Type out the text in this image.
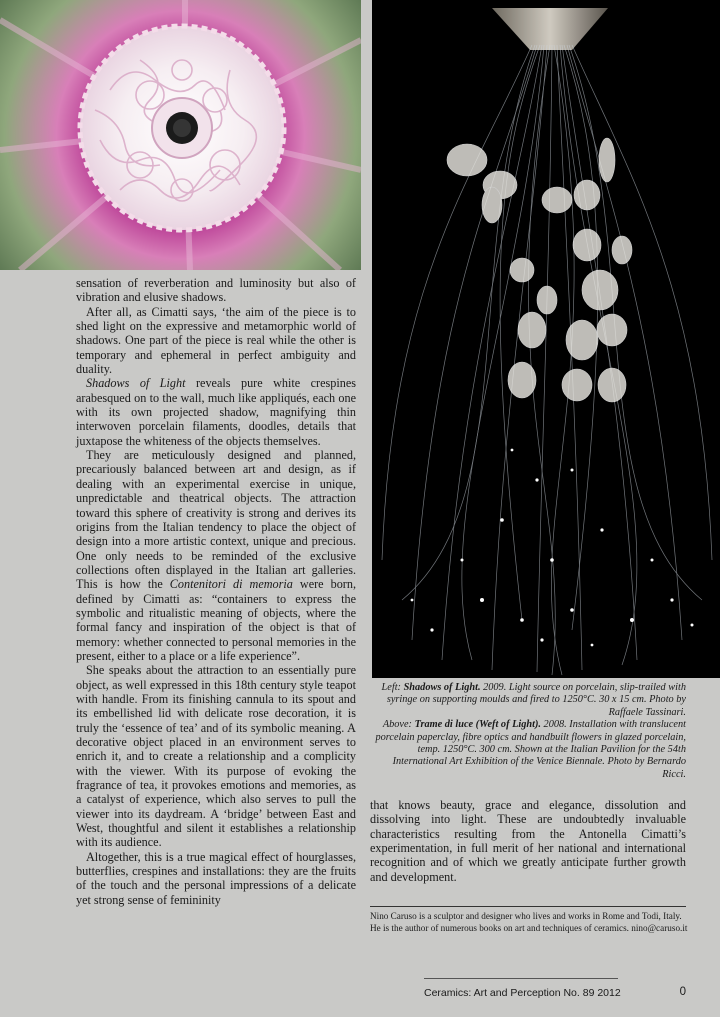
sensation of reverberation and luminosity but also of vibration and elusive shadows.

After all, as Cimatti says, ‘the aim of the piece is to shed light on the expressive and metamorphic world of shadows. One part of the piece is real while the other is temporary and ephemeral in perfect ambiguity and duality.

Shadows of Light reveals pure white crespines arabesqued on to the wall, much like appliqués, each one with its own projected shadow, magnifying thin interwoven porcelain filaments, doodles, details that juxtapose the whiteness of the objects themselves.

They are meticulously designed and planned, precariously balanced between art and design, as if dealing with an experimental exercise in unique, unpredictable and theatrical objects. The attraction toward this sphere of creativity is strong and derives its origins from the Italian tendency to place the object of design into a more artistic context, unique and precious. One only needs to be reminded of the exclusive collections often displayed in the Italian art galleries. This is how the Contenitori di memoria were born, defined by Cimatti as: “containers to express the symbolic and ritualistic meaning of objects, where the formal fancy and inspiration of the object is that of memory: whether connected to personal memories in the present, either to a place or a life experience”.

She speaks about the attraction to an essentially pure object, as well expressed in this 18th century style teapot with handle. From its finishing cannula to its spout and its embellished lid with delicate rose decoration, it is truly the ‘essence of tea’ and of its symbolic meaning. A decorative object placed in an environment serves to enrich it, and to create a relationship and a complicity with the viewer. With its purpose of evoking the fragrance of tea, it provokes emotions and memories, as a catalyst of experience, which also serves to pull the viewer into its daydream. A ‘bridge’ between East and West, thoughtful and silent it establishes a relationship with its audience.

Altogether, this is a true magical effect of hourglasses, butterflies, crespines and installations: they are the fruits of the touch and the personal impressions of a delicate yet strong sense of femininity

Left: Shadows of Light. 2009. Light source on porcelain, slip-trailed with syringe on supporting moulds and fired to 1250°C. 30 x 15 cm. Photo by Raffaele Tassinari.

Above: Trame di luce (Weft of Light). 2008. Installation with translucent porcelain paperclay, fibre optics and handbuilt flowers in glazed porcelain, temp. 1250°C. 300 cm. Shown at the Italian Pavilion for the 54th International Art Exhibition of the Venice Biennale. Photo by Bernardo Ricci.

that knows beauty, grace and elegance, dissolution and dissolving into light. These are undoubtedly invaluable characteristics resulting from the Antonella Cimatti’s experimentation, in full merit of her national and international recognition and of which we greatly anticipate further growth and development.

Nino Caruso is a sculptor and designer who lives and works in Rome and Todi, Italy. He is the author of numerous books on art and techniques of ceramics. nino@caruso.it
Ceramics: Art and Perception No. 89 2012	0
